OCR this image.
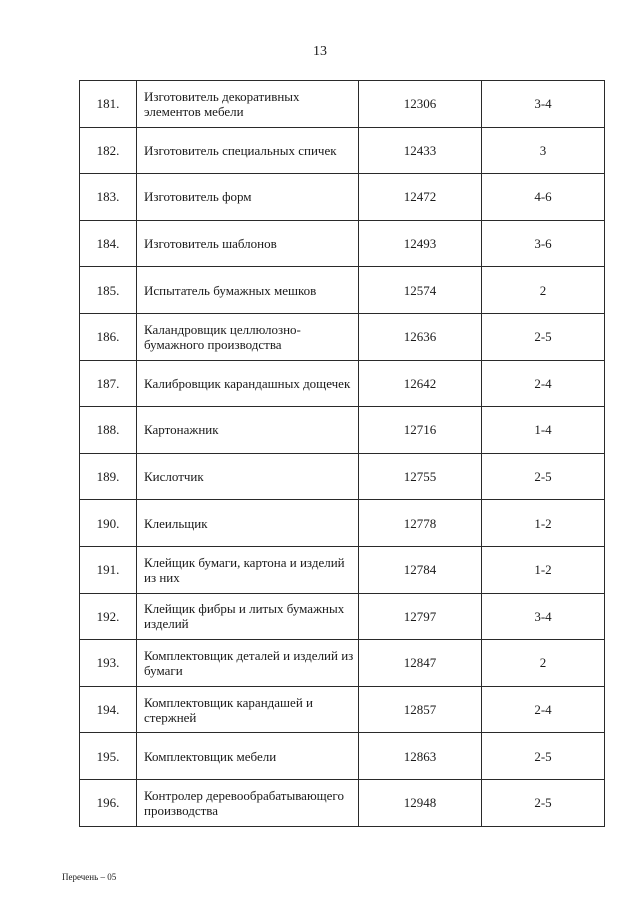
13
181.	Изготовитель декоративных элементов мебели	12306	3-4
182.	Изготовитель специальных спичек	12433	3
183.	Изготовитель форм	12472	4-6
184.	Изготовитель шаблонов	12493	3-6
185.	Испытатель бумажных мешков	12574	2
186.	Каландровщик целлюлозно-бумажного производства	12636	2-5
187.	Калибровщик карандашных дощечек	12642	2-4
188.	Картонажник	12716	1-4
189.	Кислотчик	12755	2-5
190.	Клеильщик	12778	1-2
191.	Клейщик бумаги, картона и изделий из них	12784	1-2
192.	Клейщик фибры и литых бумажных изделий	12797	3-4
193.	Комплектовщик деталей и изделий из бумаги	12847	2
194.	Комплектовщик карандашей и стержней	12857	2-4
195.	Комплектовщик мебели	12863	2-5
196.	Контролер деревообрабатывающего производства	12948	2-5
Перечень – 05
